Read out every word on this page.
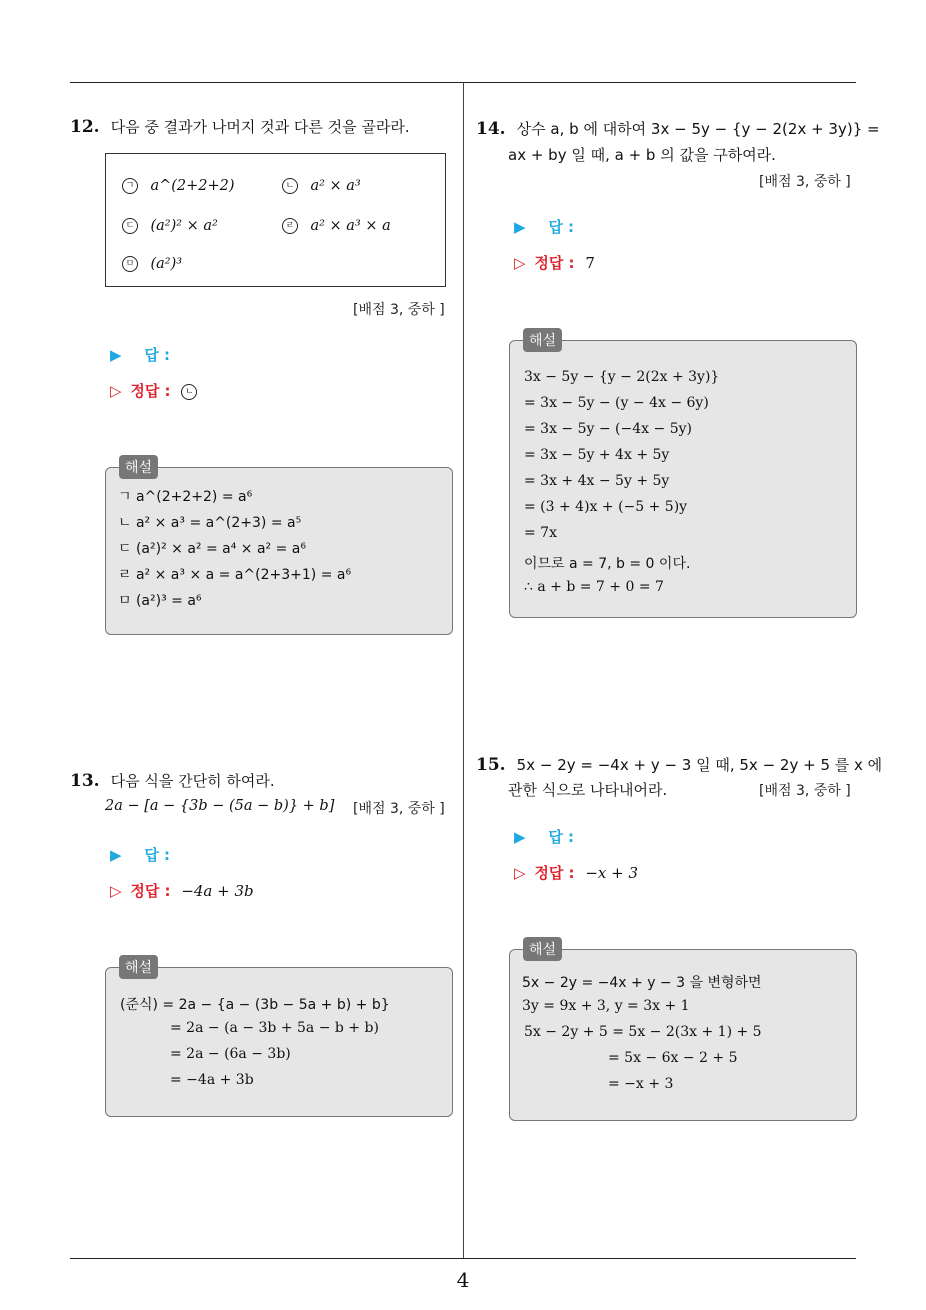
4
12. 다음 중 결과가 나머지 것과 다른 것을 골라라.
ㄱ a^(2+2+2)	ㄴ a² × a³
ㄷ (a²)² × a²	ㄹ a² × a³ × a
ㅁ (a²)³
[배점 3, 중하 ]
▶ 답 :
▷ 정답 : ㄴ
ㄱ a^(2+2+2) = a⁶
ㄴ a² × a³ = a^(2+3) = a⁵
ㄷ (a²)² × a² = a⁴ × a² = a⁶
ㄹ a² × a³ × a = a^(2+3+1) = a⁶
ㅁ (a²)³ = a⁶
해설
13. 다음 식을 간단히 하여라.
2a − [a − {3b − (5a − b)} + b] [배점 3, 중하 ]
▶ 답 :
▷ 정답 : −4a + 3b
(준식) = 2a − {a − (3b − 5a + b) + b}
= 2a − (a − 3b + 5a − b + b)
= 2a − (6a − 3b)
= −4a + 3b
해설
14. 상수 a, b 에 대하여 3x − 5y − {y − 2(2x + 3y)} =
ax + by 일 때, a + b 의 값을 구하여라.
[배점 3, 중하 ]
▶ 답 :
▷ 정답 : 7
3x − 5y − {y − 2(2x + 3y)}
= 3x − 5y − (y − 4x − 6y)
= 3x − 5y − (−4x − 5y)
= 3x − 5y + 4x + 5y
= 3x + 4x − 5y + 5y
= (3 + 4)x + (−5 + 5)y
= 7x
이므로 a = 7, b = 0 이다.
∴ a + b = 7 + 0 = 7
해설
15. 5x − 2y = −4x + y − 3 일 때, 5x − 2y + 5 를 x 에
관한 식으로 나타내어라.	[배점 3, 중하 ]
▶ 답 :
▷ 정답 : −x + 3
5x − 2y = −4x + y − 3 을 변형하면
3y = 9x + 3, y = 3x + 1
5x − 2y + 5 = 5x − 2(3x + 1) + 5
= 5x − 6x − 2 + 5
= −x + 3
해설
